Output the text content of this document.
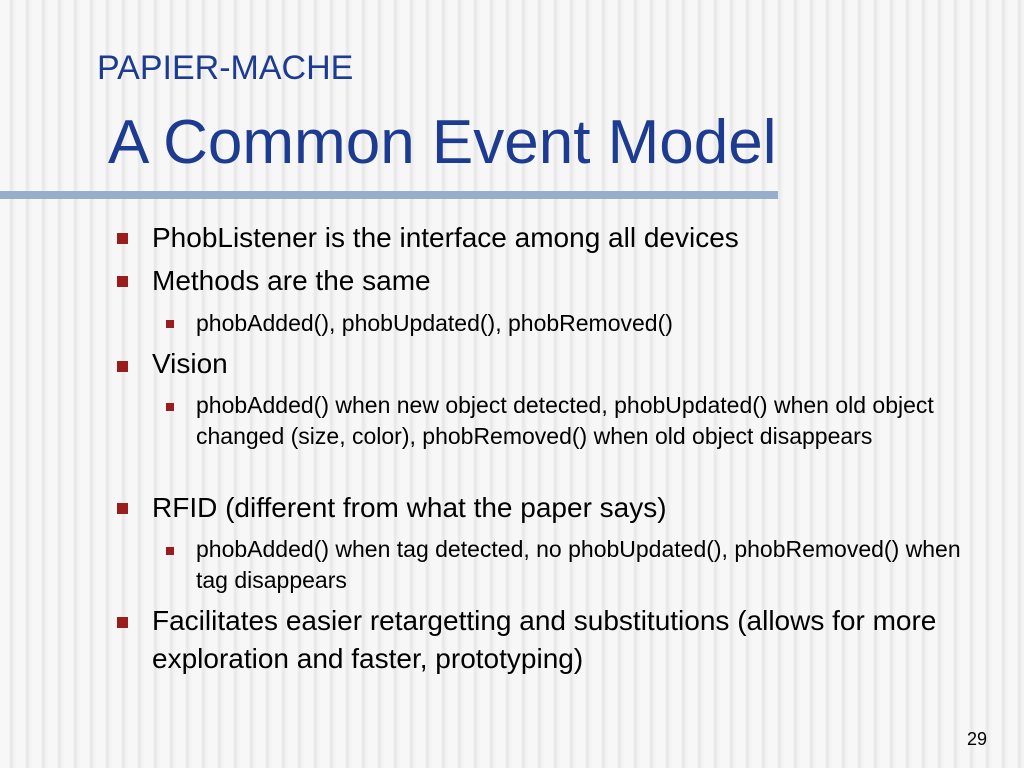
PAPIER-MACHE
A Common Event Model
PhobListener is the interface among all devices
Methods are the same
phobAdded(), phobUpdated(), phobRemoved()
Vision
phobAdded() when new object detected, phobUpdated() when old object changed (size, color), phobRemoved() when old object disappears
RFID (different from what the paper says)
phobAdded() when tag detected, no phobUpdated(), phobRemoved() when tag disappears
Facilitates easier retargetting and substitutions (allows for more exploration and faster, prototyping)
29
